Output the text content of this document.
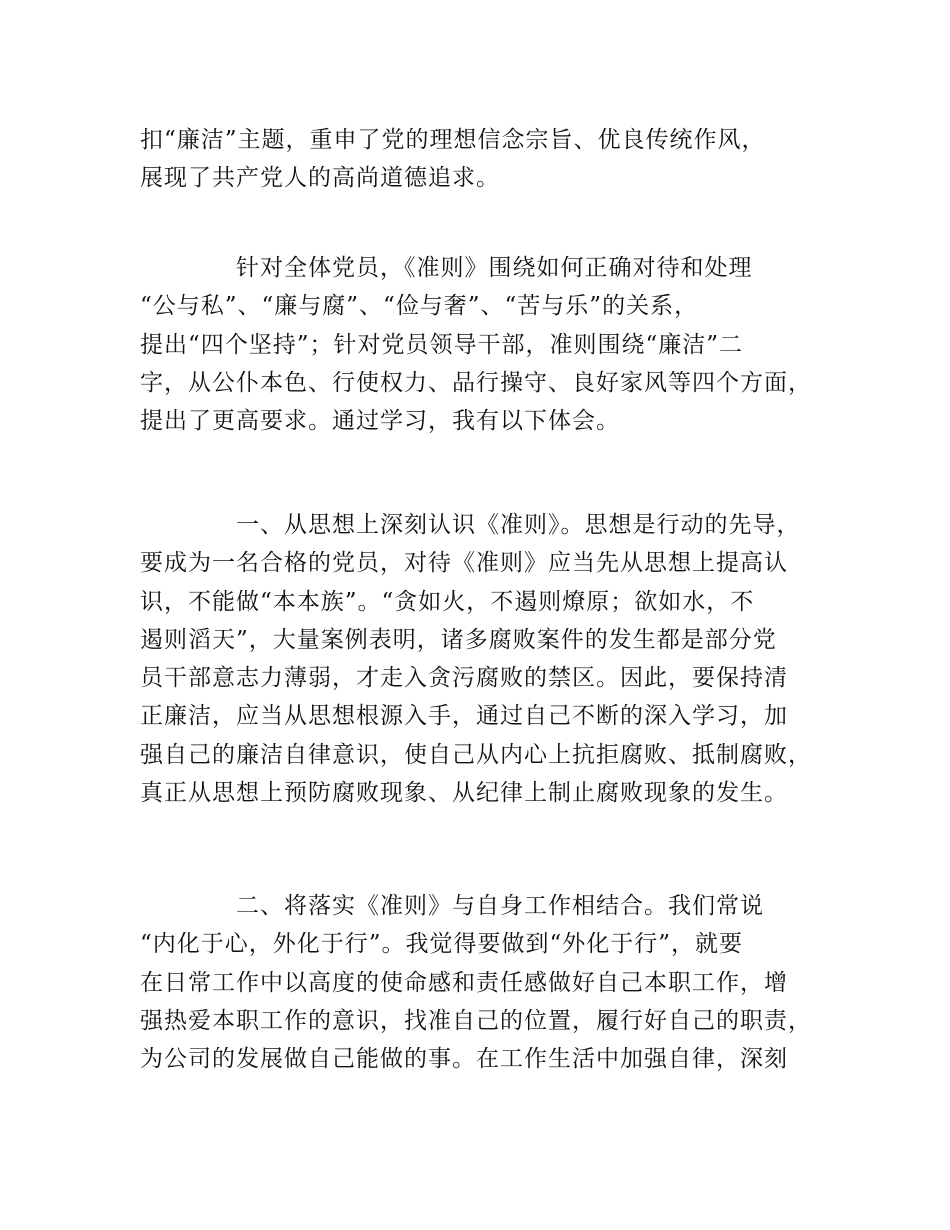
扣“廉洁”主题，重申了党的理想信念宗旨、优良传统作风，
展现了共产党人的高尚道德追求。
针对全体党员，《准则》围绕如何正确对待和处理
“公与私”、“廉与腐”、“俭与奢”、“苦与乐”的关系，
提出“四个坚持”；针对党员领导干部，准则围绕“廉洁”二
字，从公仆本色、行使权力、品行操守、良好家风等四个方面，
提出了更高要求。通过学习，我有以下体会。
一、从思想上深刻认识《准则》。思想是行动的先导，
要成为一名合格的党员，对待《准则》应当先从思想上提高认
识，不能做“本本族”。“贪如火，不遏则燎原；欲如水，不
遏则滔天”，大量案例表明，诸多腐败案件的发生都是部分党
员干部意志力薄弱，才走入贪污腐败的禁区。因此，要保持清
正廉洁，应当从思想根源入手，通过自己不断的深入学习，加
强自己的廉洁自律意识，使自己从内心上抗拒腐败、抵制腐败，
真正从思想上预防腐败现象、从纪律上制止腐败现象的发生。
二、将落实《准则》与自身工作相结合。我们常说
“内化于心，外化于行”。我觉得要做到“外化于行”，就要
在日常工作中以高度的使命感和责任感做好自己本职工作，增
强热爱本职工作的意识，找准自己的位置，履行好自己的职责，
为公司的发展做自己能做的事。在工作生活中加强自律，深刻
